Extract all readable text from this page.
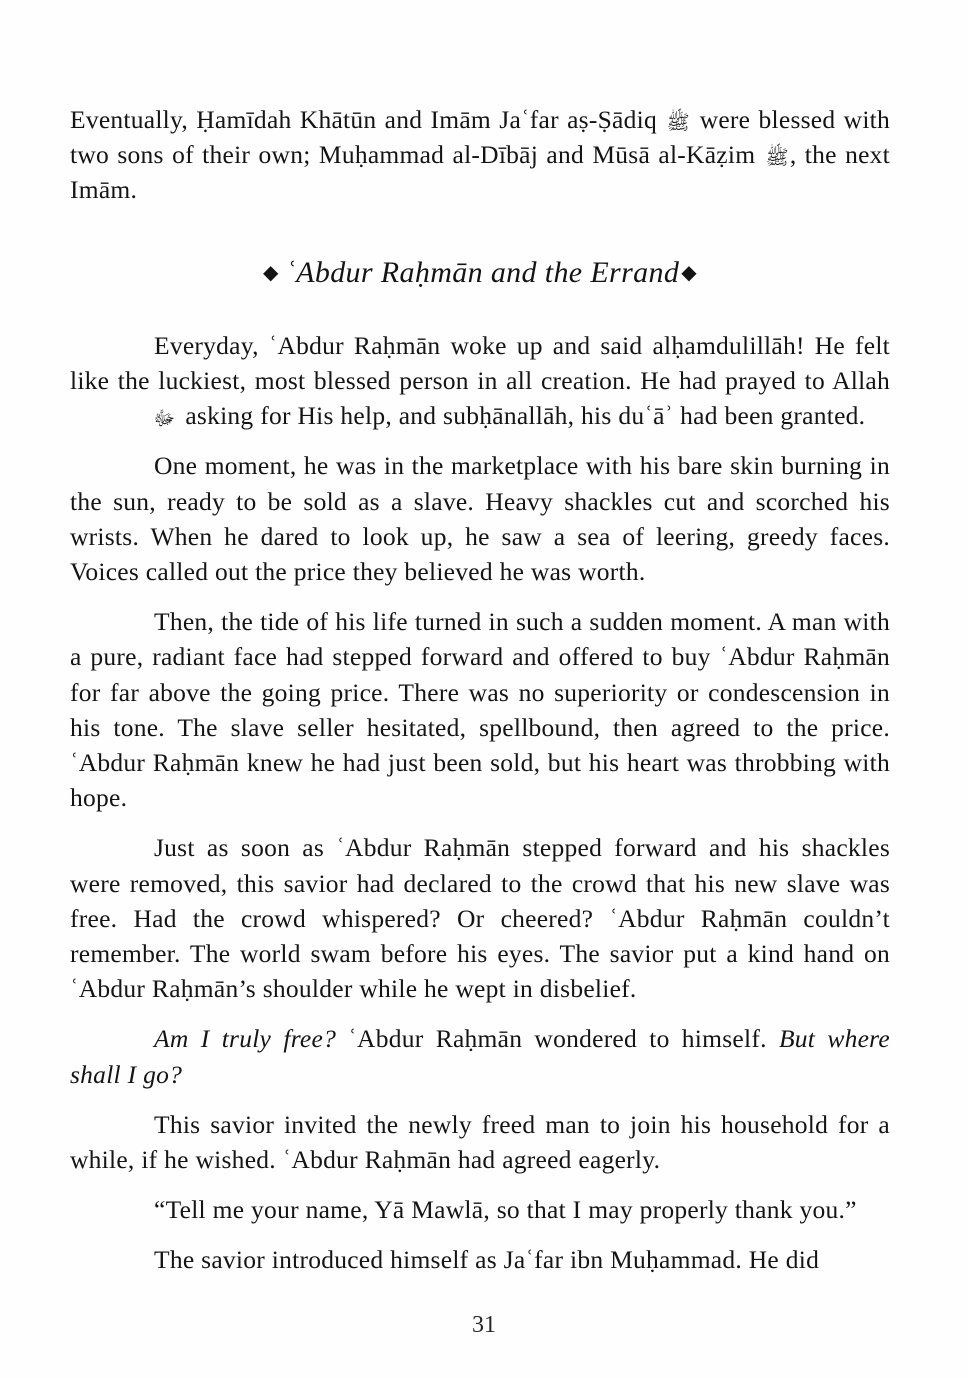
Eventually, Ḥamīdah Khātūn and Imām Jaʿfar aṣ-Ṣādiq ﷺ were blessed with two sons of their own; Muḥammad al-Dībāj and Mūsā al-Kāẓim ﷺ, the next Imām.

◆ ʿAbdur Raḥmān and the Errand ◆

Everyday, ʿAbdur Raḥmān woke up and said alḥamdulillāh! He felt like the luckiest, most blessed person in all creation. He had prayed to Allah ﷻ asking for His help, and subḥānallāh, his duʿāʾ had been granted.

One moment, he was in the marketplace with his bare skin burning in the sun, ready to be sold as a slave. Heavy shackles cut and scorched his wrists. When he dared to look up, he saw a sea of leering, greedy faces. Voices called out the price they believed he was worth.

Then, the tide of his life turned in such a sudden moment. A man with a pure, radiant face had stepped forward and offered to buy ʿAbdur Raḥmān for far above the going price. There was no superiority or condescension in his tone. The slave seller hesitated, spellbound, then agreed to the price. ʿAbdur Raḥmān knew he had just been sold, but his heart was throbbing with hope.

Just as soon as ʿAbdur Raḥmān stepped forward and his shackles were removed, this savior had declared to the crowd that his new slave was free. Had the crowd whispered? Or cheered? ʿAbdur Raḥmān couldn’t remember. The world swam before his eyes. The savior put a kind hand on ʿAbdur Raḥmān’s shoulder while he wept in disbelief.

Am I truly free? ʿAbdur Raḥmān wondered to himself. But where shall I go?

This savior invited the newly freed man to join his household for a while, if he wished. ʿAbdur Raḥmān had agreed eagerly.

“Tell me your name, Yā Mawlā, so that I may properly thank you.”

The savior introduced himself as Jaʿfar ibn Muḥammad. He did

31
